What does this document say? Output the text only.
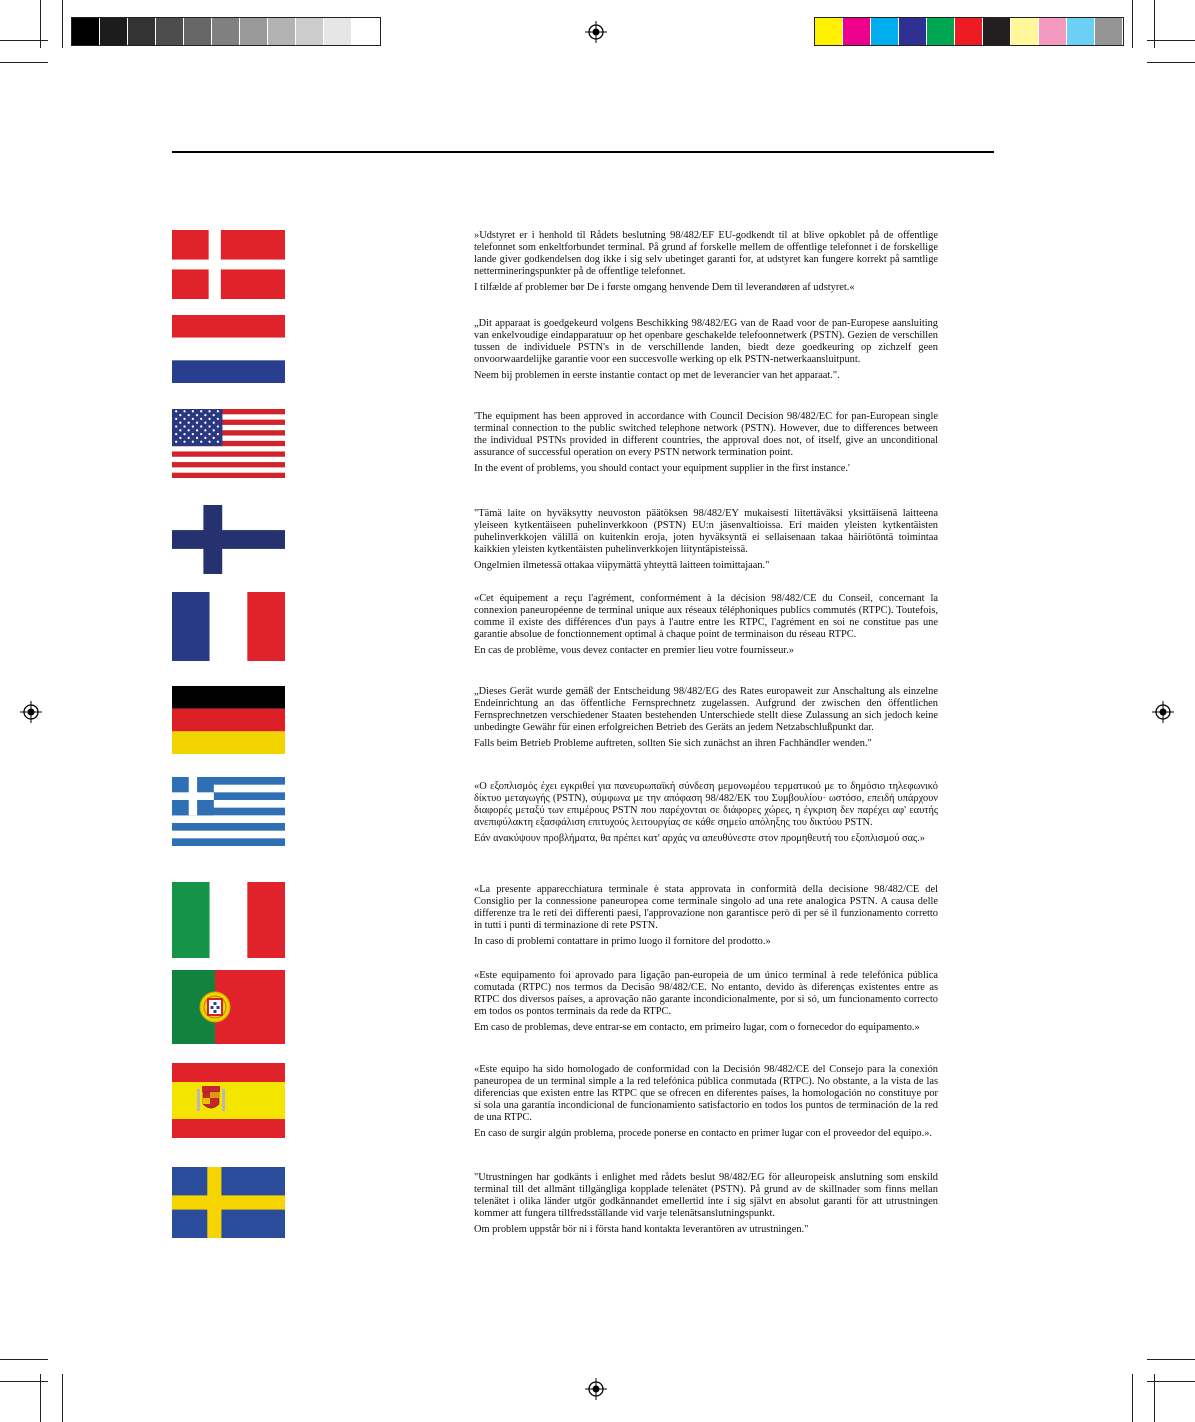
»Udstyret er i henhold til Rådets beslutning 98/482/EF EU-godkendt til at blive opkoblet på de offentlige telefonnet som enkeltforbundet terminal. På grund af forskelle mellem de offentlige telefonnet i de forskellige lande giver godkendelsen dog ikke i sig selv ubetinget garanti for, at udstyret kan fungere korrekt på samtlige nettermineringspunkter på de offentlige telefonnet.

I tilfælde af problemer bør De i første omgang henvende Dem til leverandøren af udstyret.«

„Dit apparaat is goedgekeurd volgens Beschikking 98/482/EG van de Raad voor de pan-Europese aansluiting van enkelvoudige eindapparatuur op het openbare geschakelde telefoonnetwerk (PSTN). Gezien de verschillen tussen de individuele PSTN's in de verschillende landen, biedt deze goedkeuring op zichzelf geen onvoorwaardelijke garantie voor een succesvolle werking op elk PSTN-netwerkaansluitpunt.

Neem bij problemen in eerste instantie contact op met de leverancier van het apparaat.".

'The equipment has been approved in accordance with Council Decision 98/482/EC for pan-European single terminal connection to the public switched telephone network (PSTN). However, due to differences between the individual PSTNs provided in different countries, the approval does not, of itself, give an unconditional assurance of successful operation on every PSTN network termination point.

In the event of problems, you should contact your equipment supplier in the first instance.'

"Tämä laite on hyväksytty neuvoston päätöksen 98/482/EY mukaisesti liitettäväksi yksittäisenä laitteena yleiseen kytkentäiseen puhelinverkkoon (PSTN) EU:n jäsenvaltioissa. Eri maiden yleisten kytkentäisten puhelinverkkojen välillä on kuitenkin eroja, joten hyväksyntä ei sellaisenaan takaa häiriötöntä toimintaa kaikkien yleisten kytkentäisten puhelinverkkojen liityntäpisteissä.

Ongelmien ilmetessä ottakaa viipymättä yhteyttä laitteen toimittajaan."

«Cet équipement a reçu l'agrément, conformément à la décision 98/482/CE du Conseil, concernant la connexion paneuropéenne de terminal unique aux réseaux téléphoniques publics commutés (RTPC). Toutefois, comme il existe des différences d'un pays à l'autre entre les RTPC, l'agrément en soi ne constitue pas une garantie absolue de fonctionnement optimal à chaque point de terminaison du réseau RTPC.

En cas de problème, vous devez contacter en premier lieu votre fournisseur.»

„Dieses Gerät wurde gemäß der Entscheidung 98/482/EG des Rates europaweit zur Anschaltung als einzelne Endeinrichtung an das öffentliche Fernsprechnetz zugelassen. Aufgrund der zwischen den öffentlichen Fernsprechnetzen verschiedener Staaten bestehenden Unterschiede stellt diese Zulassung an sich jedoch keine unbedingte Gewähr für einen erfolgreichen Betrieb des Geräts an jedem Netzabschlußpunkt dar.

Falls beim Betrieb Probleme auftreten, sollten Sie sich zunächst an ihren Fachhändler wenden."

«Ο εξοπλισμός έχει εγκριθεί για πανευρωπαϊκή σύνδεση μεμονωμέου τερματικού με το δημόσιο τηλεφωνικό δίκτυο μεταγωγής (PSTN), σύμφωνα με την απόφαση 98/482/ΕΚ του Συμβουλίου· ωστόσο, επειδή υπάρχουν διαφορές μεταξύ των επιμέρους PSTN που παρέχονται σε διάφορες χώρες, η έγκριση δεν παρέχει αφ' εαυτής ανεπιφύλακτη εξασφάλιση επιτυχούς λειτουργίας σε κάθε σημείο απόληξης του δικτύου PSTN.

Εάν ανακύψουν προβλήματα, θα πρέπει κατ' αρχάς να απευθύνεστε στον προμηθευτή του εξοπλισμού σας.»

«La presente apparecchiatura terminale è stata approvata in conformità della decisione 98/482/CE del Consiglio per la connessione paneuropea come terminale singolo ad una rete analogica PSTN. A causa delle differenze tra le reti dei differenti paesi, l'approvazione non garantisce però di per sé il funzionamento corretto in tutti i punti di terminazione di rete PSTN.

In caso di problemi contattare in primo luogo il fornitore del prodotto.»

«Este equipamento foi aprovado para ligação pan-europeia de um único terminal à rede telefónica pública comutada (RTPC) nos termos da Decisão 98/482/CE. No entanto, devido às diferenças existentes entre as RTPC dos diversos países, a aprovação não garante incondicionalmente, por si só, um funcionamento correcto em todos os pontos terminais da rede da RTPC.

Em caso de problemas, deve entrar-se em contacto, em primeiro lugar, com o fornecedor do equipamento.»

«Este equipo ha sido homologado de conformidad con la Decisión 98/482/CE del Consejo para la conexión paneuropea de un terminal simple a la red telefónica pública conmutada (RTPC). No obstante, a la vista de las diferencias que existen entre las RTPC que se ofrecen en diferentes países, la homologación no constituye por sí sola una garantía incondicional de funcionamiento satisfactorio en todos los puntos de terminación de la red de una RTPC.

En caso de surgir algún problema, procede ponerse en contacto en primer lugar con el proveedor del equipo.».

"Utrustningen har godkänts i enlighet med rådets beslut 98/482/EG för alleuropeisk anslutning som enskild terminal till det allmänt tillgängliga kopplade telenätet (PSTN). På grund av de skillnader som finns mellan telenätet i olika länder utgör godkännandet emellertid inte i sig självt en absolut garanti för att utrustningen kommer att fungera tillfredsställande vid varje telenätsanslutningspunkt.

Om problem uppstår bör ni i första hand kontakta leverantören av utrustningen."
